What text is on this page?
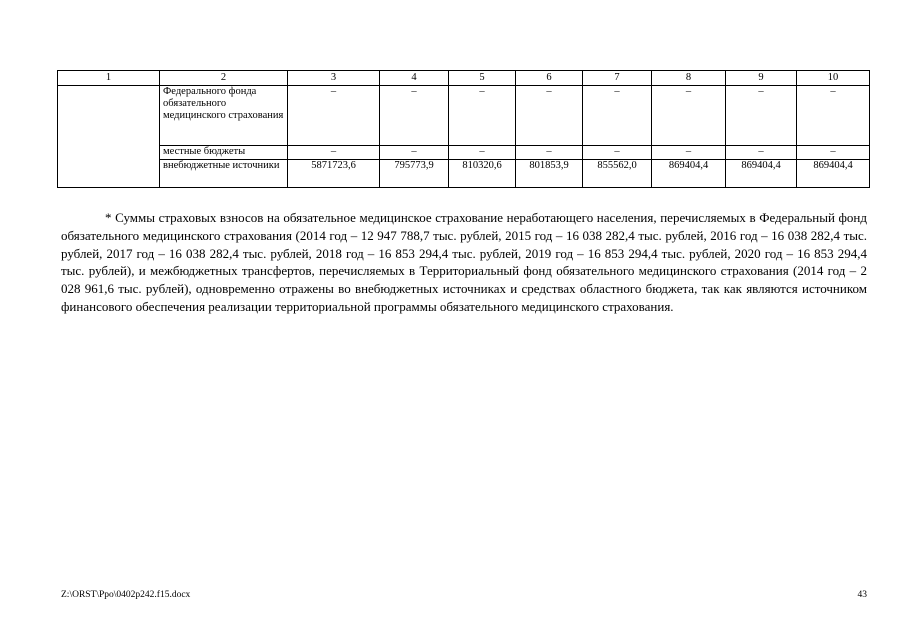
1	2	3	4	5	6	7	8	9	10
	Федерального фонда обязательного медицинского страхования	–	–	–	–	–	–	–	–
	местные бюджеты	–	–	–	–	–	–	–	–
	внебюджетные источники	5871723,6	795773,9	810320,6	801853,9	855562,0	869404,4	869404,4	869404,4

* Суммы страховых взносов на обязательное медицинское страхование неработающего населения, перечисляемых в Федеральный фонд обязательного медицинского страхования (2014 год – 12 947 788,7 тыс. рублей, 2015 год – 16 038 282,4 тыс. рублей, 2016 год – 16 038 282,4 тыс. рублей, 2017 год – 16 038 282,4 тыс. рублей, 2018 год – 16 853 294,4 тыс. рублей, 2019 год – 16 853 294,4 тыс. рублей, 2020 год – 16 853 294,4 тыс. рублей), и межбюджетных трансфертов, перечисляемых в Территориальный фонд обязательного медицинского страхования (2014 год – 2 028 961,6 тыс. рублей), одновременно отражены во внебюджетных источниках и средствах областного бюджета, так как являются источником финансового обеспечения реализации территориальной программы обязательного медицинского страхования.

Z:\ORST\Ppo\0402p242.f15.docx	43
